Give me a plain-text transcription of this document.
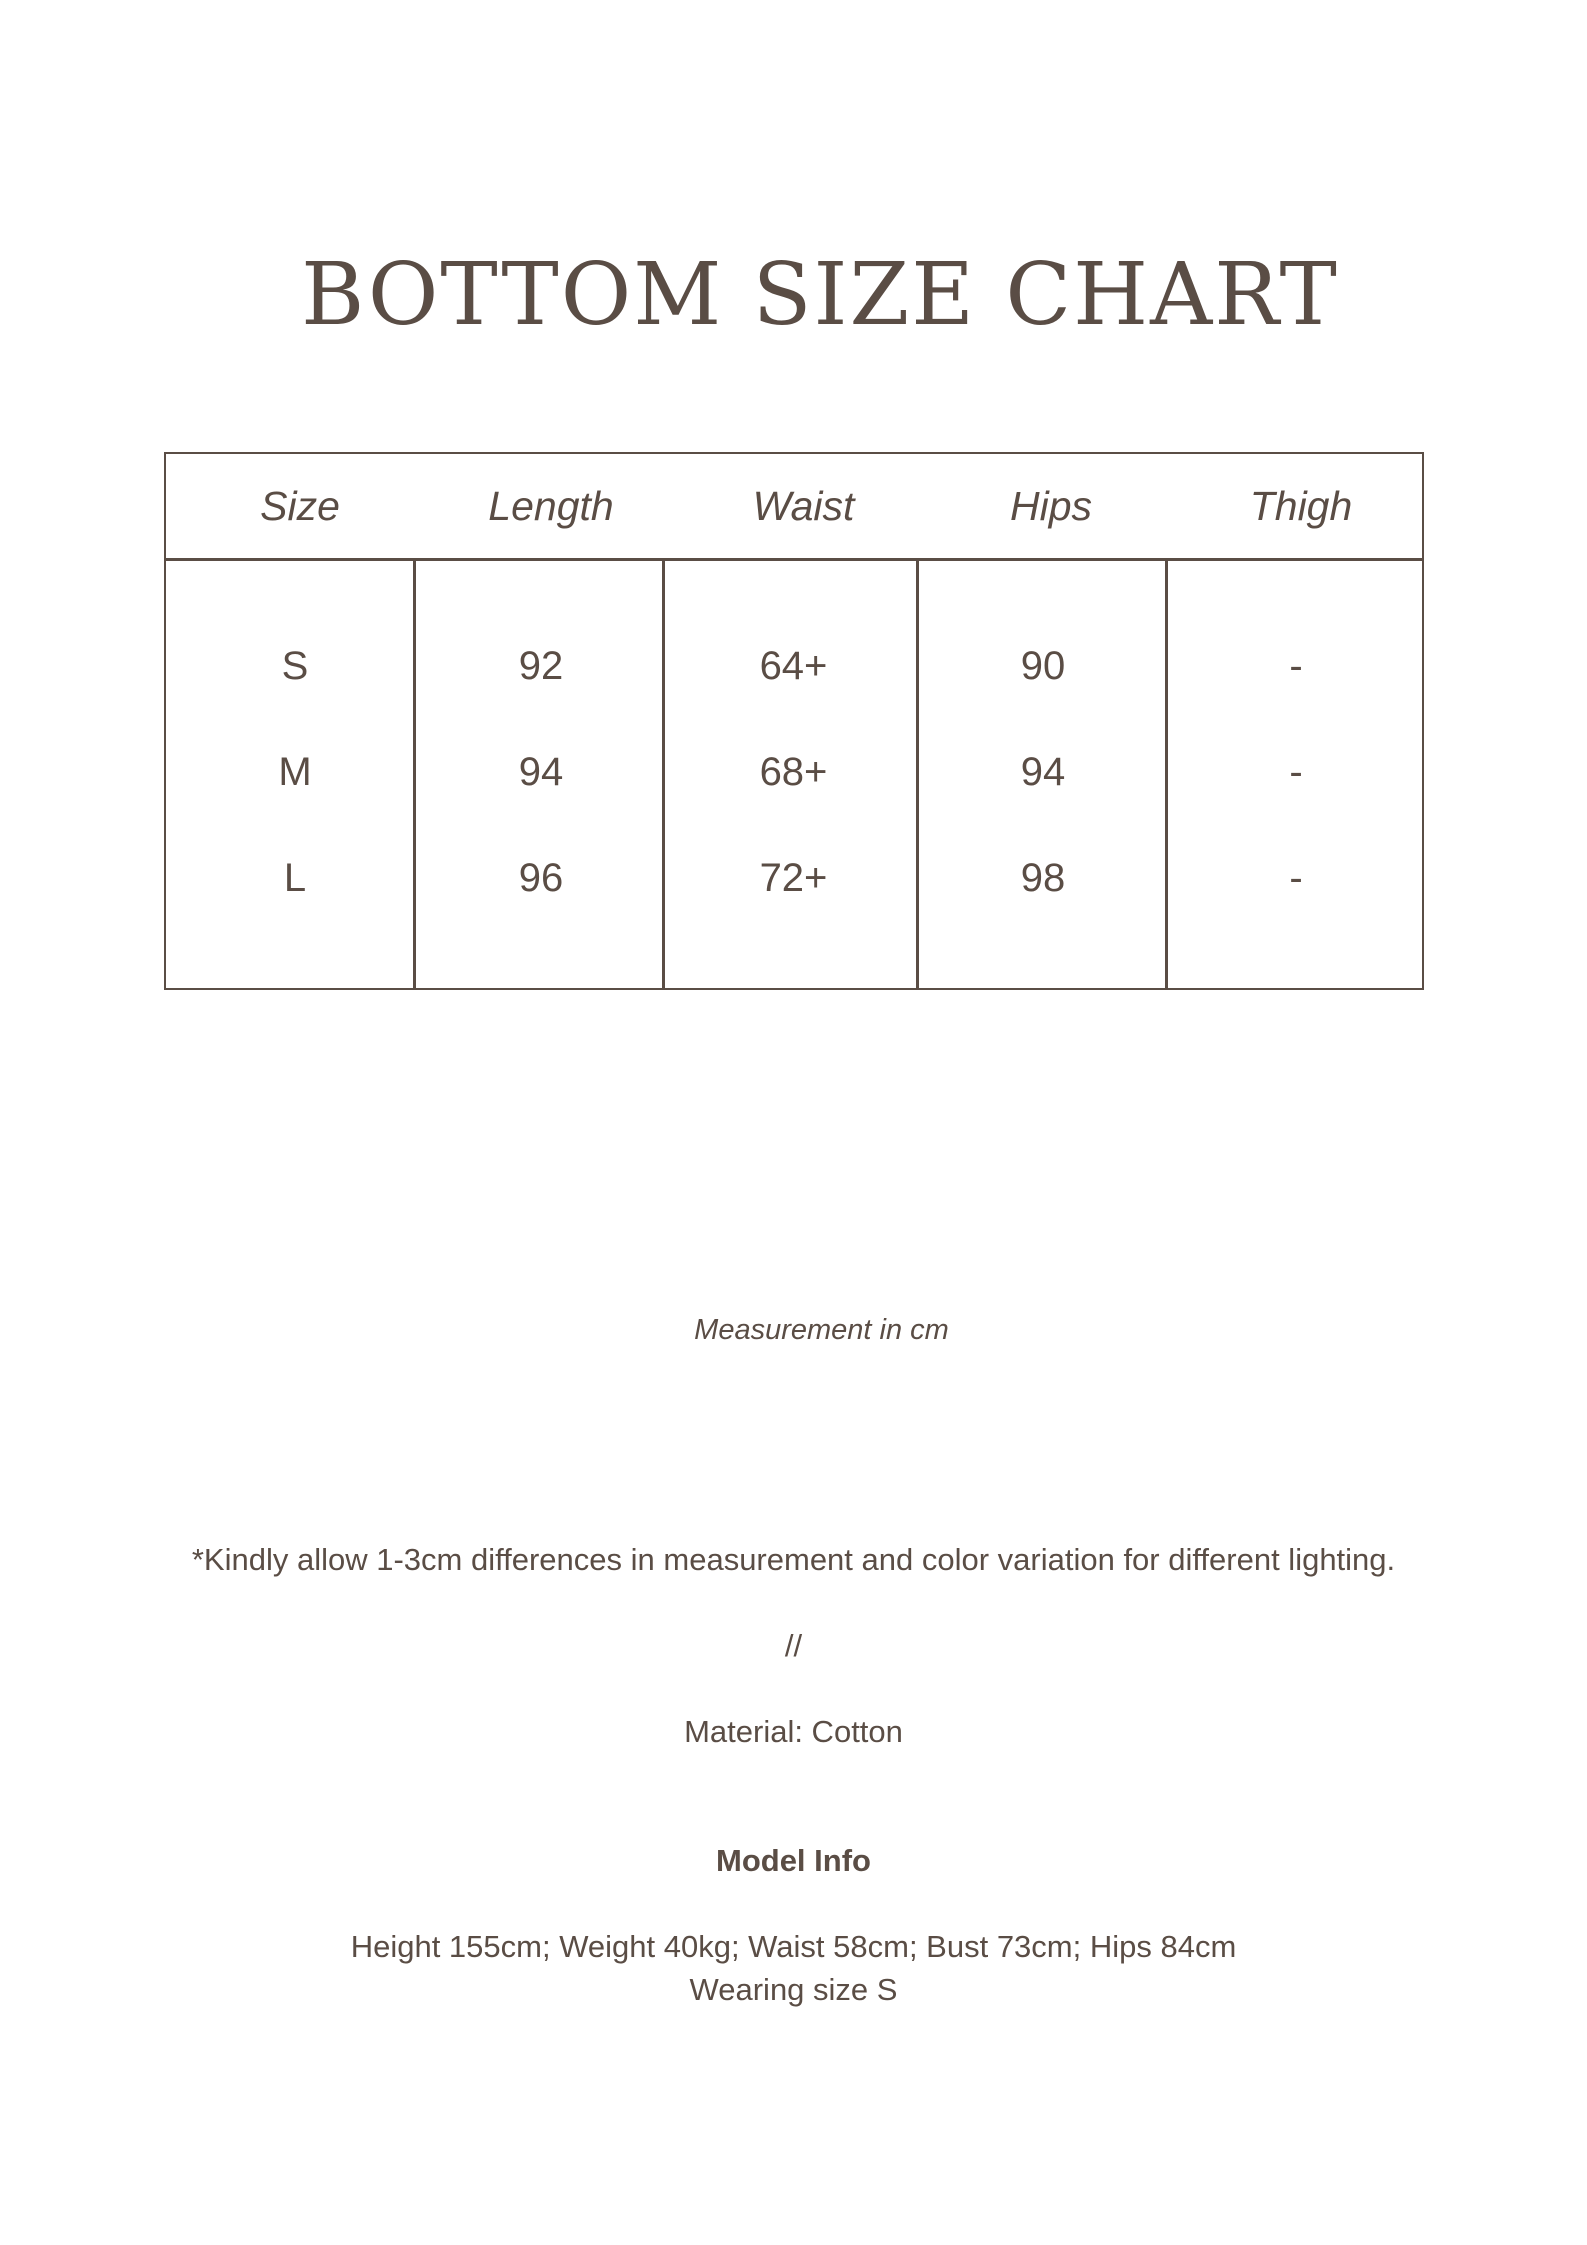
BOTTOM SIZE CHART
Size	Length	Waist	Hips	Thigh
S	92	64+	90	-
M	94	68+	94	-
L	96	72+	98	-
Measurement in cm
*Kindly allow 1-3cm differences in measurement and color variation for different lighting.
//
Material: Cotton
Model Info
Height 155cm; Weight 40kg; Waist 58cm; Bust 73cm; Hips 84cm
Wearing size S
